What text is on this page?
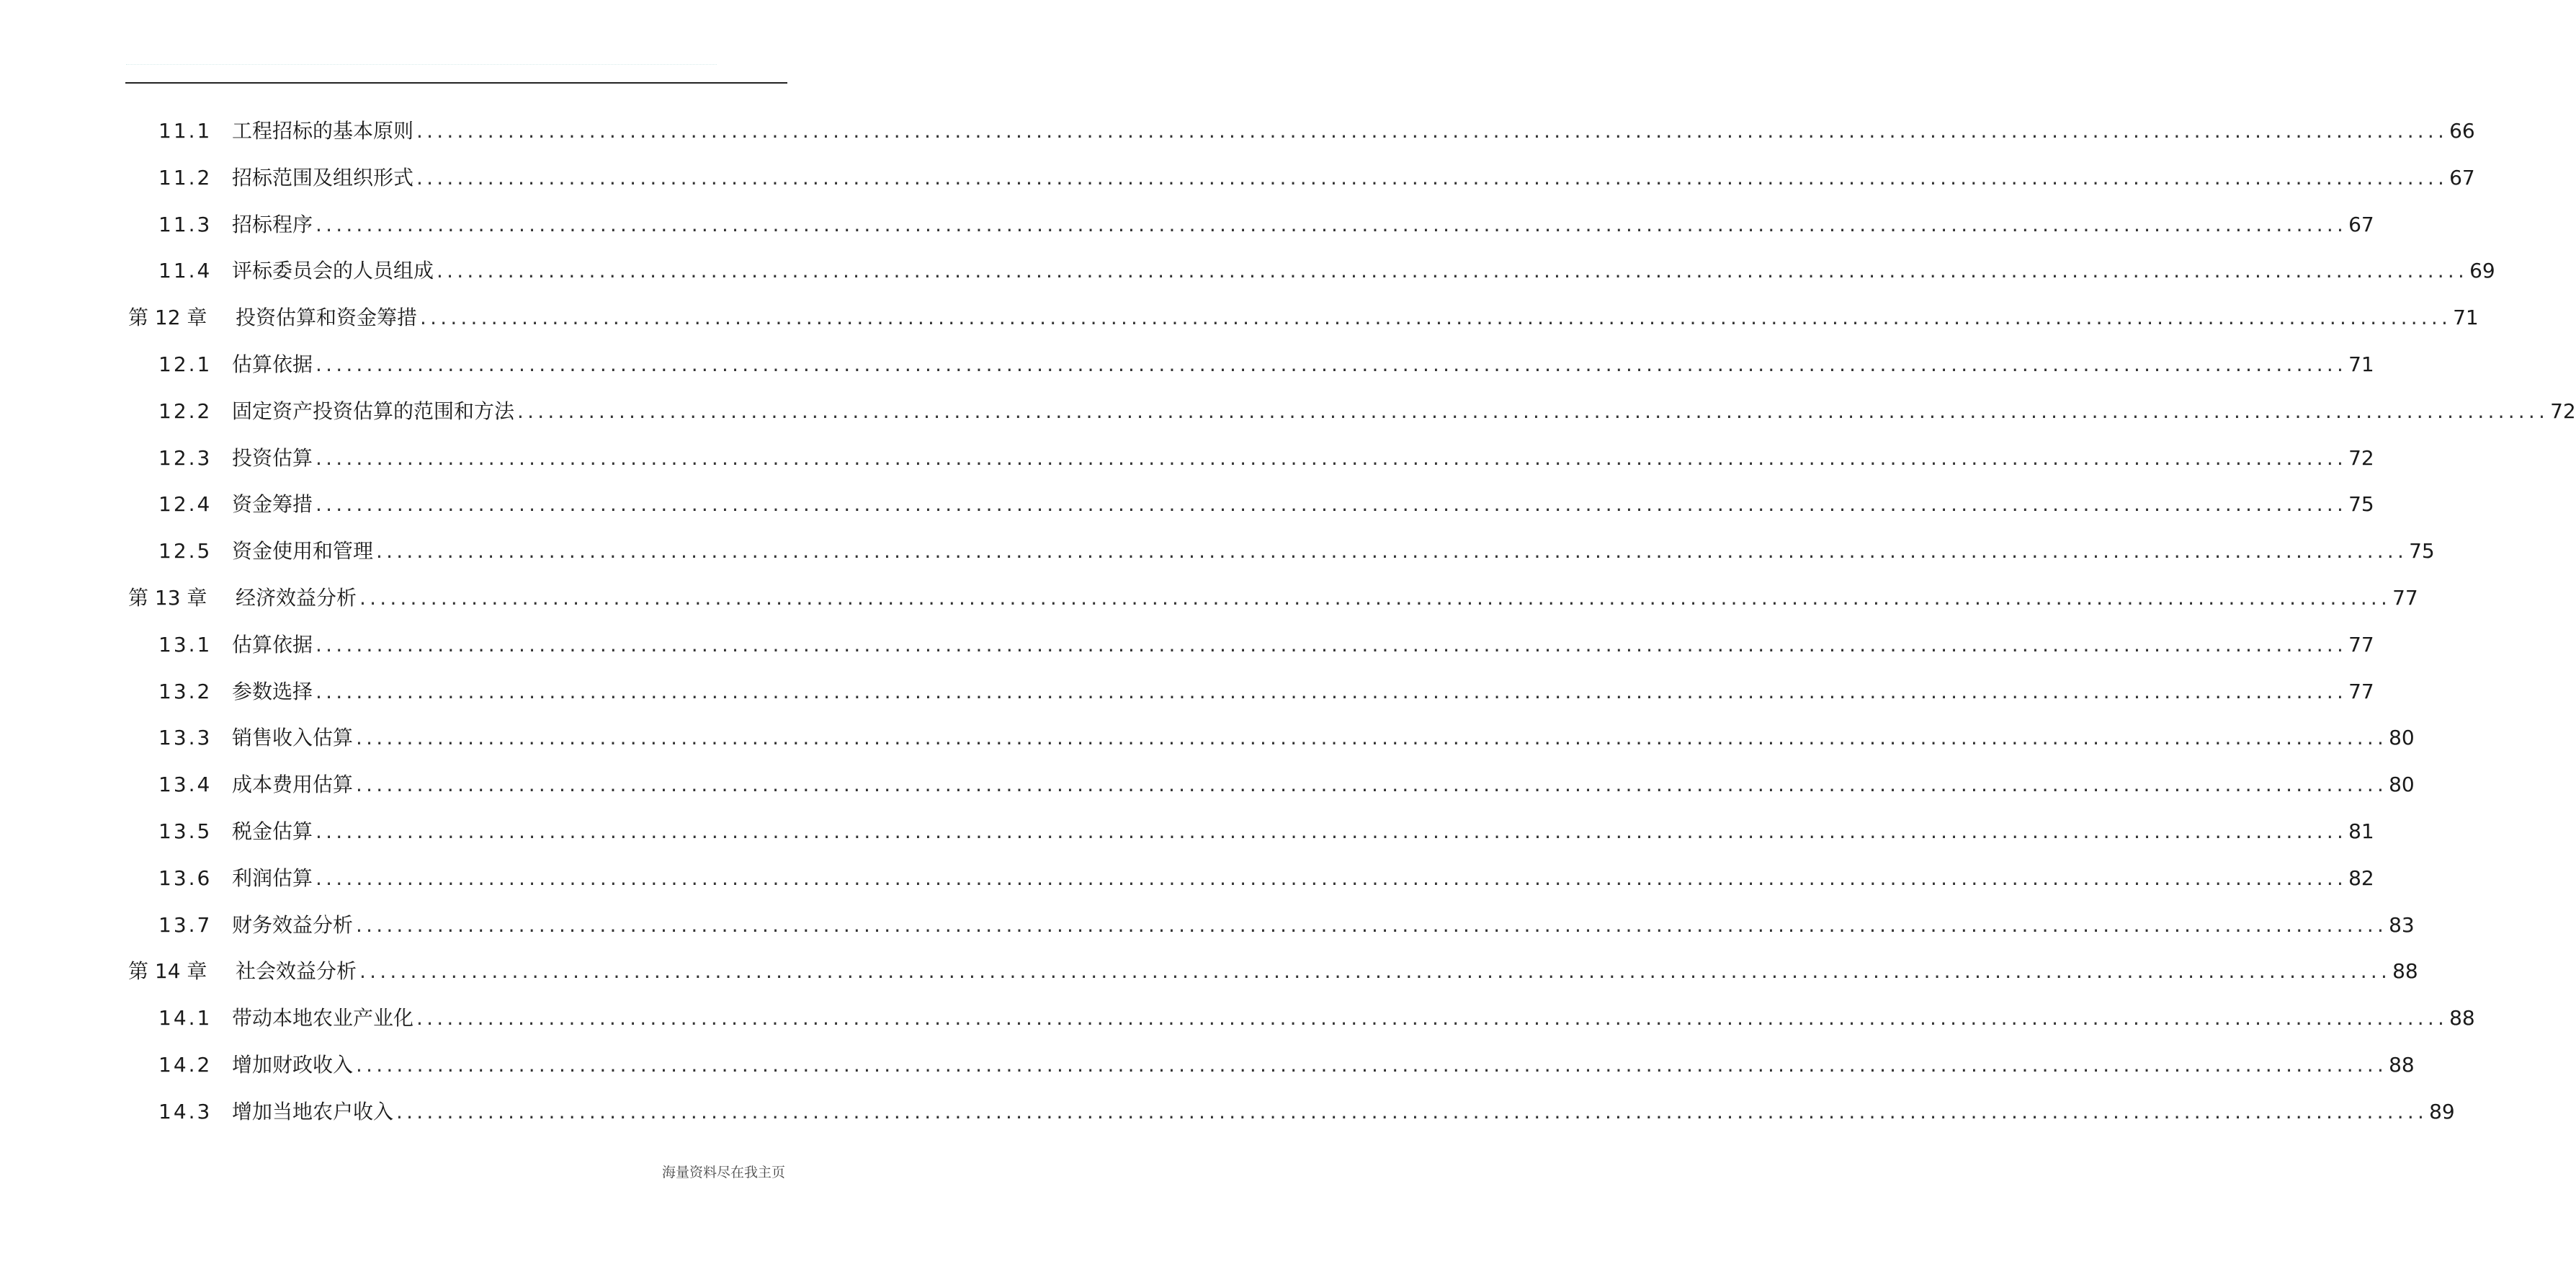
11.1 工程招标的基本原则 ........................................................................................................................................................................................................ 66
11.2 招标范围及组织形式 ........................................................................................................................................................................................................ 67
11.3 招标程序 ........................................................................................................................................................................................................ 67
11.4 评标委员会的人员组成 ........................................................................................................................................................................................................ 69
第 12 章 投资估算和资金筹措 ........................................................................................................................................................................................................ 71
12.1 估算依据 ........................................................................................................................................................................................................ 71
12.2 固定资产投资估算的范围和方法 ........................................................................................................................................................................................................ 72
12.3 投资估算 ........................................................................................................................................................................................................ 72
12.4 资金筹措 ........................................................................................................................................................................................................ 75
12.5 资金使用和管理 ........................................................................................................................................................................................................ 75
第 13 章 经济效益分析 ........................................................................................................................................................................................................ 77
13.1 估算依据 ........................................................................................................................................................................................................ 77
13.2 参数选择 ........................................................................................................................................................................................................ 77
13.3 销售收入估算 ........................................................................................................................................................................................................ 80
13.4 成本费用估算 ........................................................................................................................................................................................................ 80
13.5 税金估算 ........................................................................................................................................................................................................ 81
13.6 利润估算 ........................................................................................................................................................................................................ 82
13.7 财务效益分析 ........................................................................................................................................................................................................ 83
第 14 章 社会效益分析 ........................................................................................................................................................................................................ 88
14.1 带动本地农业产业化 ........................................................................................................................................................................................................ 88
14.2 增加财政收入 ........................................................................................................................................................................................................ 88
14.3 增加当地农户收入 ........................................................................................................................................................................................................ 89
海量资料尽在我主页
